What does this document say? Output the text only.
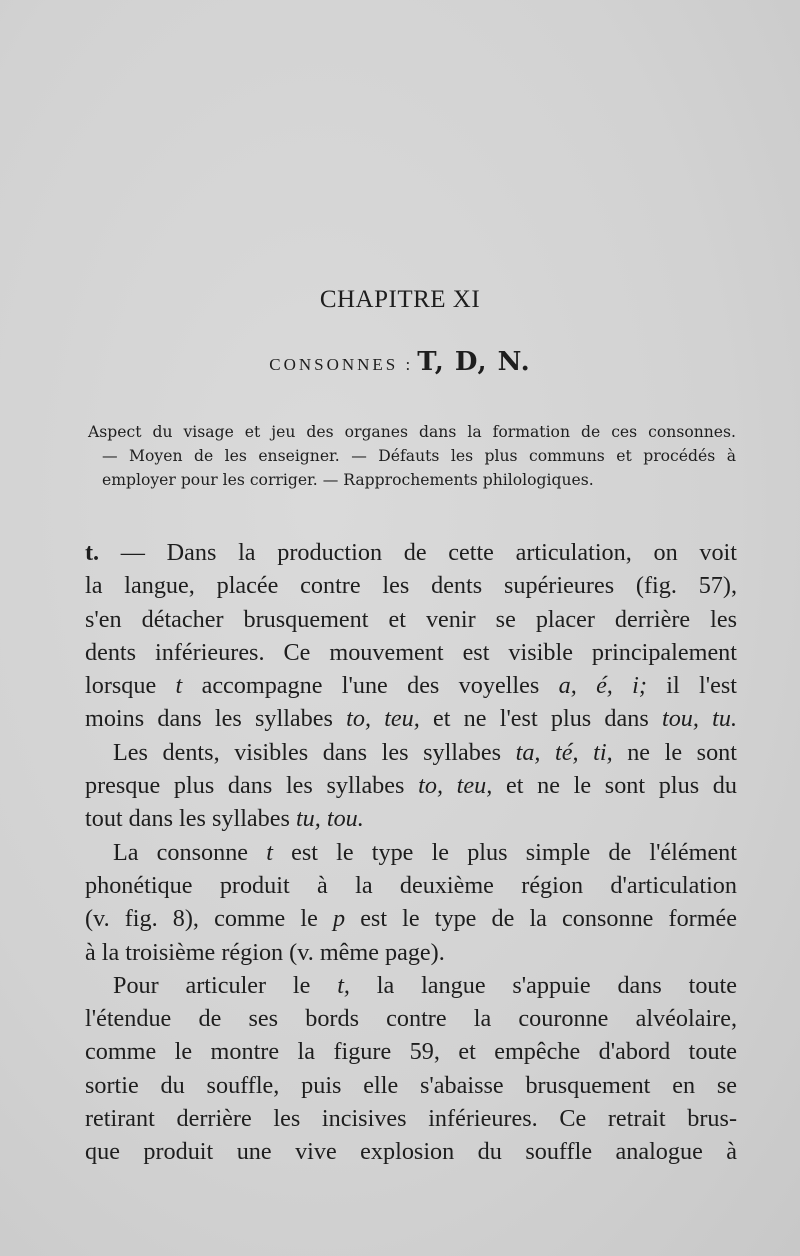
CHAPITRE XI
CONSONNES : T, D, N.
Aspect du visage et jeu des organes dans la formation de ces consonnes.
— Moyen de les enseigner. — Défauts les plus communs et procédés à
employer pour les corriger. — Rapprochements philologiques.
t. — Dans la production de cette articulation, on voit
la langue, placée contre les dents supérieures (fig. 57),
s'en détacher brusquement et venir se placer derrière les
dents inférieures. Ce mouvement est visible principalement
lorsque t accompagne l'une des voyelles a, é, i; il l'est
moins dans les syllabes to, teu, et ne l'est plus dans tou, tu.
Les dents, visibles dans les syllabes ta, té, ti, ne le sont
presque plus dans les syllabes to, teu, et ne le sont plus du
tout dans les syllabes tu, tou.
La consonne t est le type le plus simple de l'élément
phonétique produit à la deuxième région d'articulation
(v. fig. 8), comme le p est le type de la consonne formée
à la troisième région (v. même page).
Pour articuler le t, la langue s'appuie dans toute
l'étendue de ses bords contre la couronne alvéolaire,
comme le montre la figure 59, et empêche d'abord toute
sortie du souffle, puis elle s'abaisse brusquement en se
retirant derrière les incisives inférieures. Ce retrait brus-
que produit une vive explosion du souffle analogue à
